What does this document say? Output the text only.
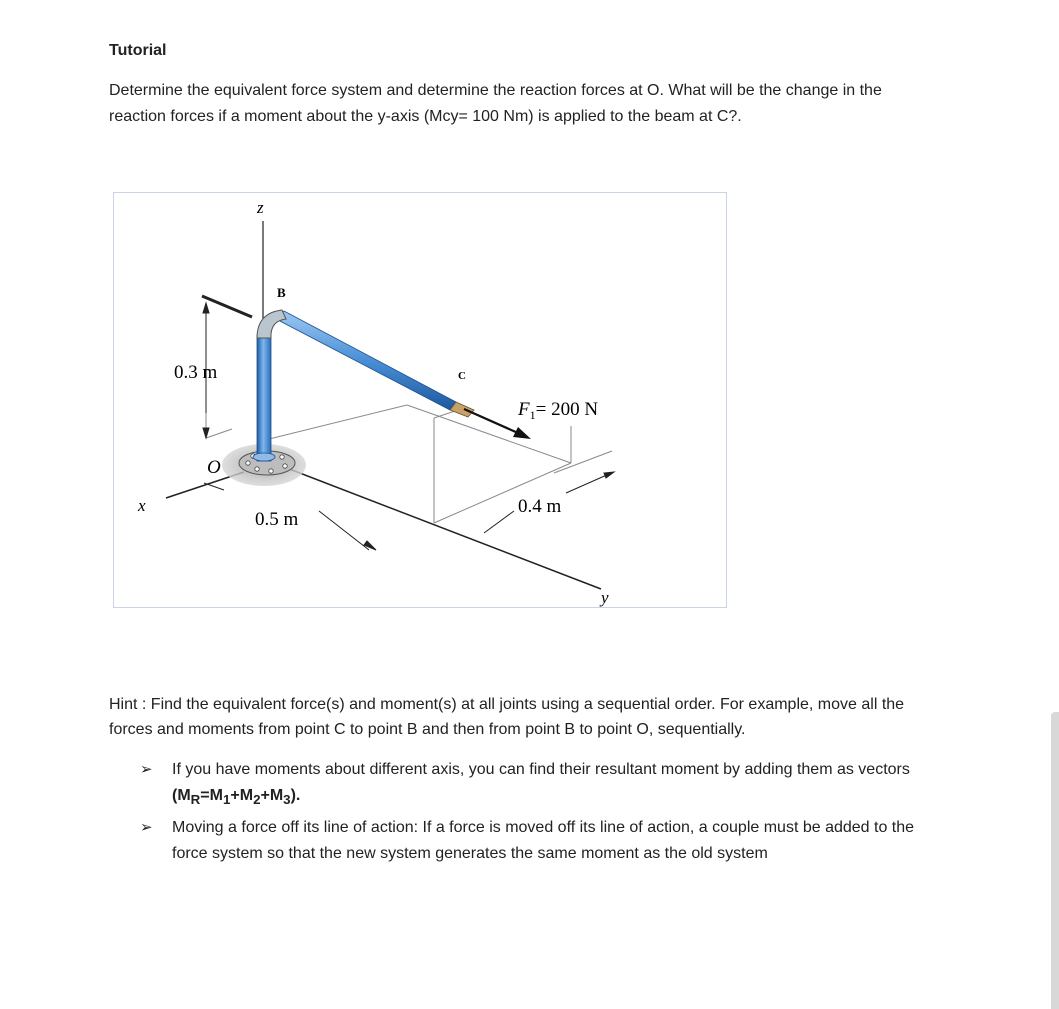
Tutorial

Determine the equivalent force system and determine the reaction forces at O. What will be the change in the reaction forces if a moment about the y-axis (Mcy= 100 Nm) is applied to the beam at C?.

z
x
y
B
C
O
0.3 m
0.5 m
0.4 m
$F_1= 200$ N

Hint : Find the equivalent force(s) and moment(s) at all joints using a sequential order. For example, move all the forces and moments from point C to point B and then from point B to point O, sequentially.

➢ If you have moments about different axis, you can find their resultant moment by adding them as vectors $(M_R=M_1+M_2+M_3)$.
➢ Moving a force off its line of action: If a force is moved off its line of action, a couple must be added to the force system so that the new system generates the same moment as the old system
